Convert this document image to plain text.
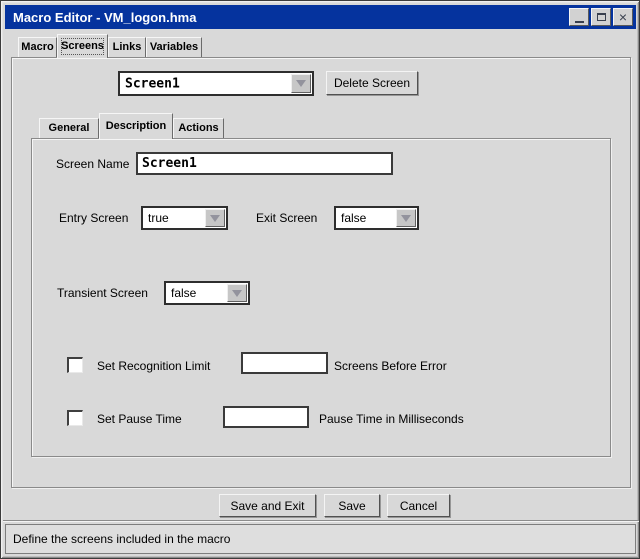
Macro Editor - VM_logon.hma	×
Macro Screens Links Variables
Screen1	Delete Screen
General	Description	Actions
Screen Name
Screen1
Entry Screen true	Exit Screen false
Transient Screen false
Set Recognition Limit	Screens Before Error
Set Pause Time	Pause Time in Milliseconds
Save and Exit	Save	Cancel
Define the screens included in the macro
